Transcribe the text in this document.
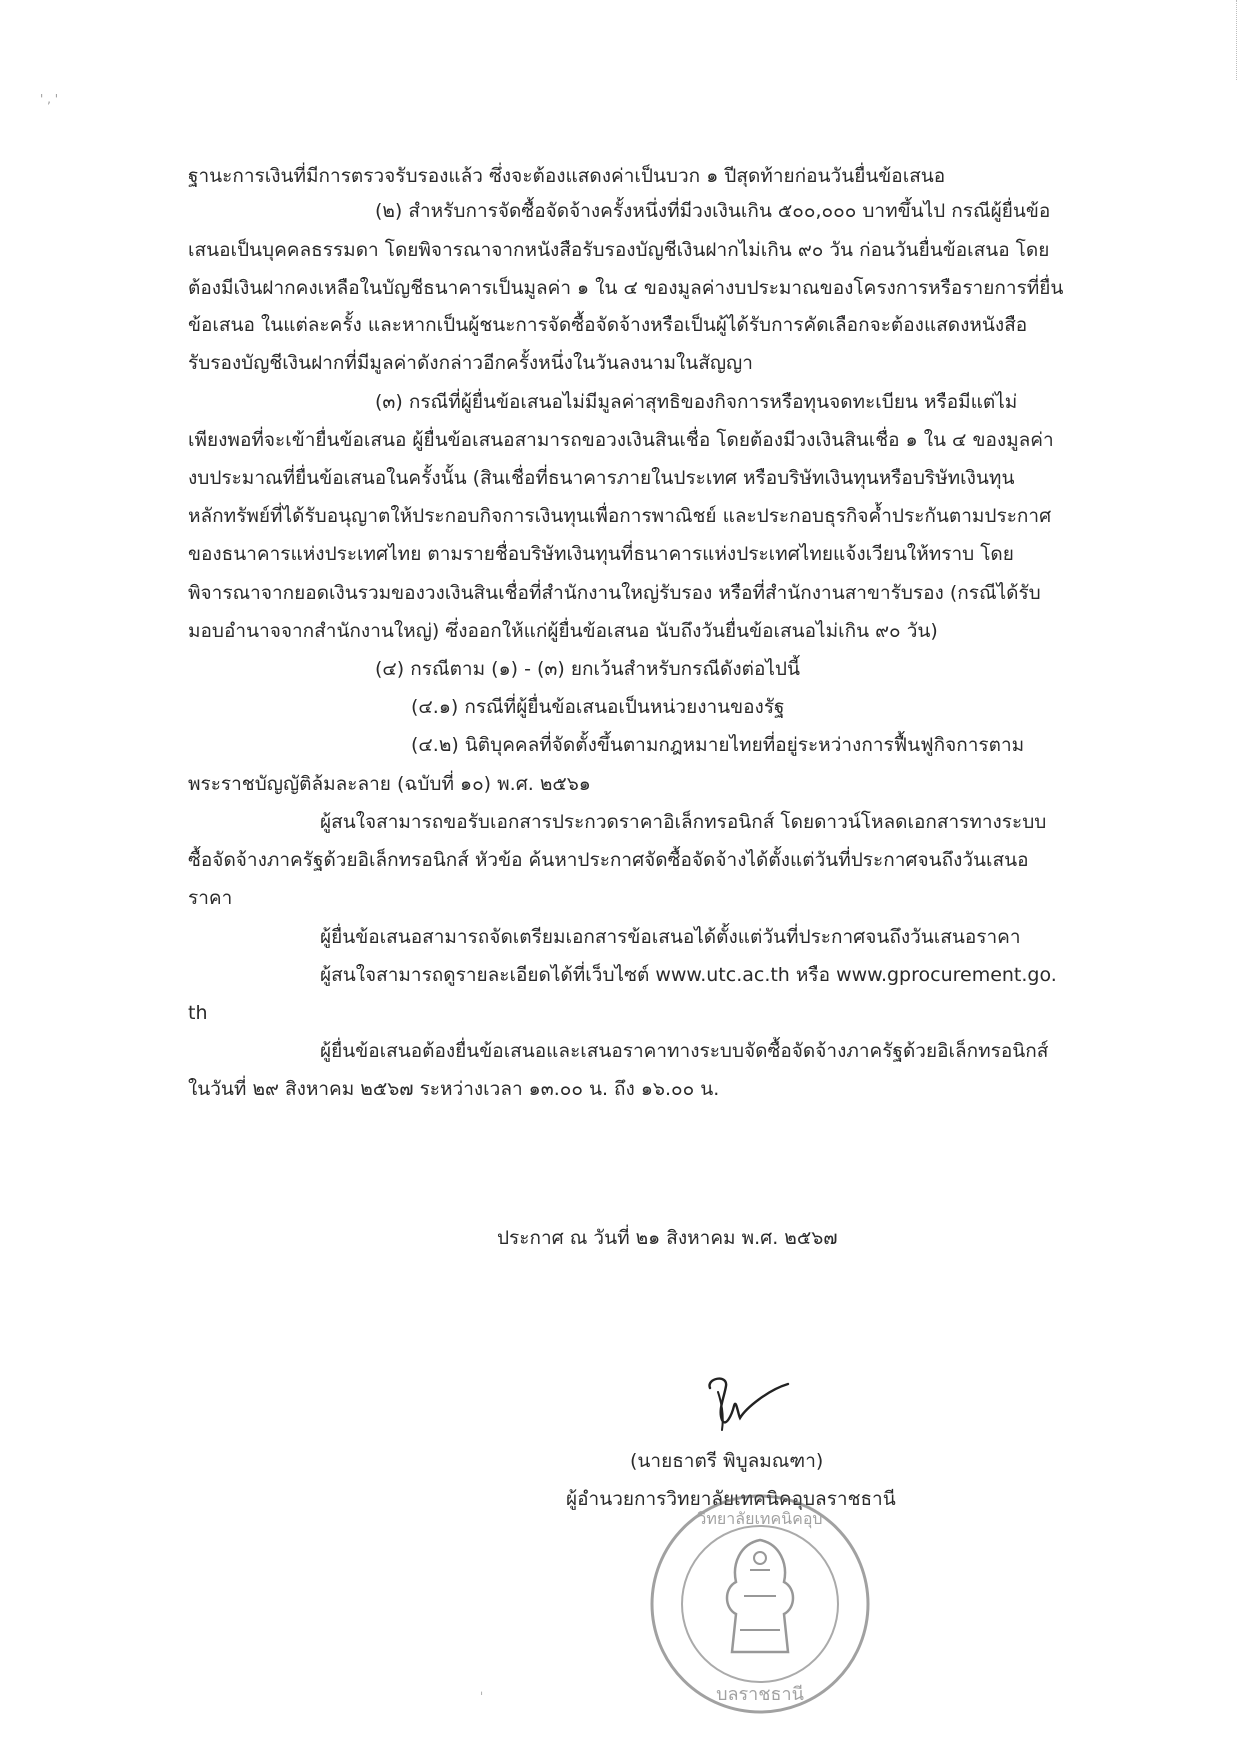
' , '
ฐานะการเงินที่มีการตรวจรับรองแล้ว ซึ่งจะต้องแสดงค่าเป็นบวก ๑ ปีสุดท้ายก่อนวันยื่นข้อเสนอ
(๒) สำหรับการจัดซื้อจัดจ้างครั้งหนึ่งที่มีวงเงินเกิน ๕๐๐,๐๐๐ บาทขึ้นไป กรณีผู้ยื่นข้อ
เสนอเป็นบุคคลธรรมดา โดยพิจารณาจากหนังสือรับรองบัญชีเงินฝากไม่เกิน ๙๐ วัน ก่อนวันยื่นข้อเสนอ โดย
ต้องมีเงินฝากคงเหลือในบัญชีธนาคารเป็นมูลค่า ๑ ใน ๔ ของมูลค่างบประมาณของโครงการหรือรายการที่ยื่น
ข้อเสนอ ในแต่ละครั้ง และหากเป็นผู้ชนะการจัดซื้อจัดจ้างหรือเป็นผู้ได้รับการคัดเลือกจะต้องแสดงหนังสือ
รับรองบัญชีเงินฝากที่มีมูลค่าดังกล่าวอีกครั้งหนึ่งในวันลงนามในสัญญา
(๓) กรณีที่ผู้ยื่นข้อเสนอไม่มีมูลค่าสุทธิของกิจการหรือทุนจดทะเบียน หรือมีแต่ไม่
เพียงพอที่จะเข้ายื่นข้อเสนอ ผู้ยื่นข้อเสนอสามารถขอวงเงินสินเชื่อ โดยต้องมีวงเงินสินเชื่อ ๑ ใน ๔ ของมูลค่า
งบประมาณที่ยื่นข้อเสนอในครั้งนั้น (สินเชื่อที่ธนาคารภายในประเทศ หรือบริษัทเงินทุนหรือบริษัทเงินทุน
หลักทรัพย์ที่ได้รับอนุญาตให้ประกอบกิจการเงินทุนเพื่อการพาณิชย์ และประกอบธุรกิจค้ำประกันตามประกาศ
ของธนาคารแห่งประเทศไทย ตามรายชื่อบริษัทเงินทุนที่ธนาคารแห่งประเทศไทยแจ้งเวียนให้ทราบ โดย
พิจารณาจากยอดเงินรวมของวงเงินสินเชื่อที่สำนักงานใหญ่รับรอง หรือที่สำนักงานสาขารับรอง (กรณีได้รับ
มอบอำนาจจากสำนักงานใหญ่) ซึ่งออกให้แก่ผู้ยื่นข้อเสนอ นับถึงวันยื่นข้อเสนอไม่เกิน ๙๐ วัน)
(๔) กรณีตาม (๑) - (๓) ยกเว้นสำหรับกรณีดังต่อไปนี้
(๔.๑) กรณีที่ผู้ยื่นข้อเสนอเป็นหน่วยงานของรัฐ
(๔.๒) นิติบุคคลที่จัดตั้งขึ้นตามกฎหมายไทยที่อยู่ระหว่างการฟื้นฟูกิจการตาม
พระราชบัญญัติล้มละลาย (ฉบับที่ ๑๐) พ.ศ. ๒๕๖๑
ผู้สนใจสามารถขอรับเอกสารประกวดราคาอิเล็กทรอนิกส์ โดยดาวน์โหลดเอกสารทางระบบ
ซื้อจัดจ้างภาครัฐด้วยอิเล็กทรอนิกส์ หัวข้อ ค้นหาประกาศจัดซื้อจัดจ้างได้ตั้งแต่วันที่ประกาศจนถึงวันเสนอ
ราคา
ผู้ยื่นข้อเสนอสามารถจัดเตรียมเอกสารข้อเสนอได้ตั้งแต่วันที่ประกาศจนถึงวันเสนอราคา
ผู้สนใจสามารถดูรายละเอียดได้ที่เว็บไซต์ www.utc.ac.th หรือ www.gprocurement.go.
th
ผู้ยื่นข้อเสนอต้องยื่นข้อเสนอและเสนอราคาทางระบบจัดซื้อจัดจ้างภาครัฐด้วยอิเล็กทรอนิกส์
ในวันที่ ๒๙ สิงหาคม ๒๕๖๗ ระหว่างเวลา ๑๓.๐๐ น. ถึง ๑๖.๐๐ น.
ประกาศ ณ วันที่ ๒๑ สิงหาคม พ.ศ. ๒๕๖๗
(นายธาตรี พิบูลมณฑา)
ผู้อำนวยการวิทยาลัยเทคนิคอุบลราชธานี
วิทยาลัยเทคนิคอุบ
บลราชธานี
ˈ
